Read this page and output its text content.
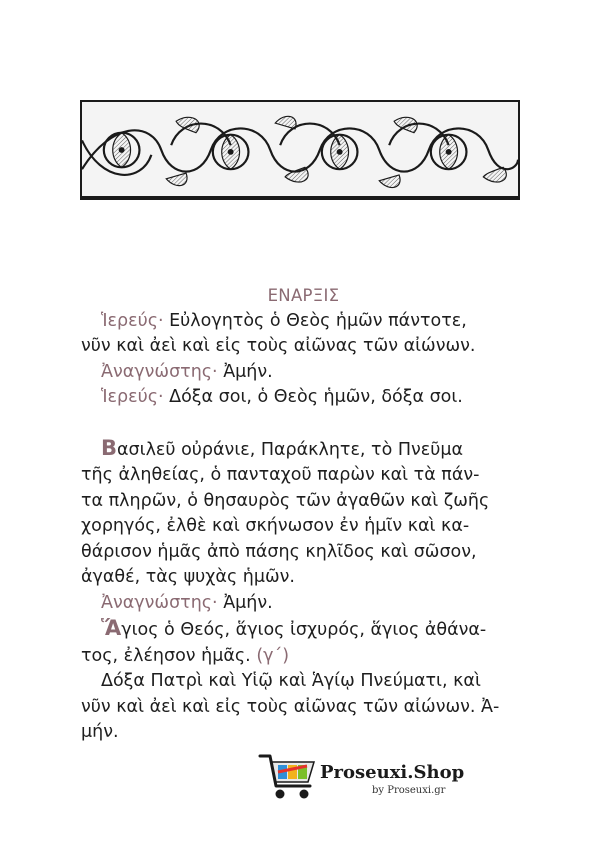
ΕΝΑΡΞΙΣ
Ἱερεύς· Εὐλογητὸς ὁ Θεὸς ἡμῶν πάντοτε,
νῦν καὶ ἀεὶ καὶ εἰς τοὺς αἰῶνας τῶν αἰώνων.
Ἀναγνώστης· Ἀμήν.
Ἱερεύς· Δόξα σοι, ὁ Θεὸς ἡμῶν, δόξα σοι.
Βασιλεῦ οὐράνιε, Παράκλητε, τὸ Πνεῦμα
τῆς ἀληθείας, ὁ πανταχοῦ παρὼν καὶ τὰ πάν-
τα πληρῶν, ὁ θησαυρὸς τῶν ἀγαθῶν καὶ ζωῆς
χορηγός, ἐλθὲ καὶ σκήνωσον ἐν ἡμῖν καὶ κα-
θάρισον ἡμᾶς ἀπὸ πάσης κηλῖδος καὶ σῶσον,
ἀγαθέ, τὰς ψυχὰς ἡμῶν.
Ἀναγνώστης· Ἀμήν.
Ἅγιος ὁ Θεός, ἅγιος ἰσχυρός, ἅγιος ἀθάνα-
τος, ἐλέησον ἡμᾶς. (γ΄)
Δόξα Πατρὶ καὶ Υἱῷ καὶ Ἁγίῳ Πνεύματι, καὶ
νῦν καὶ ἀεὶ καὶ εἰς τοὺς αἰῶνας τῶν αἰώνων. Ἀ-
μήν.
Proseuxi.Shop
by Proseuxi.gr
